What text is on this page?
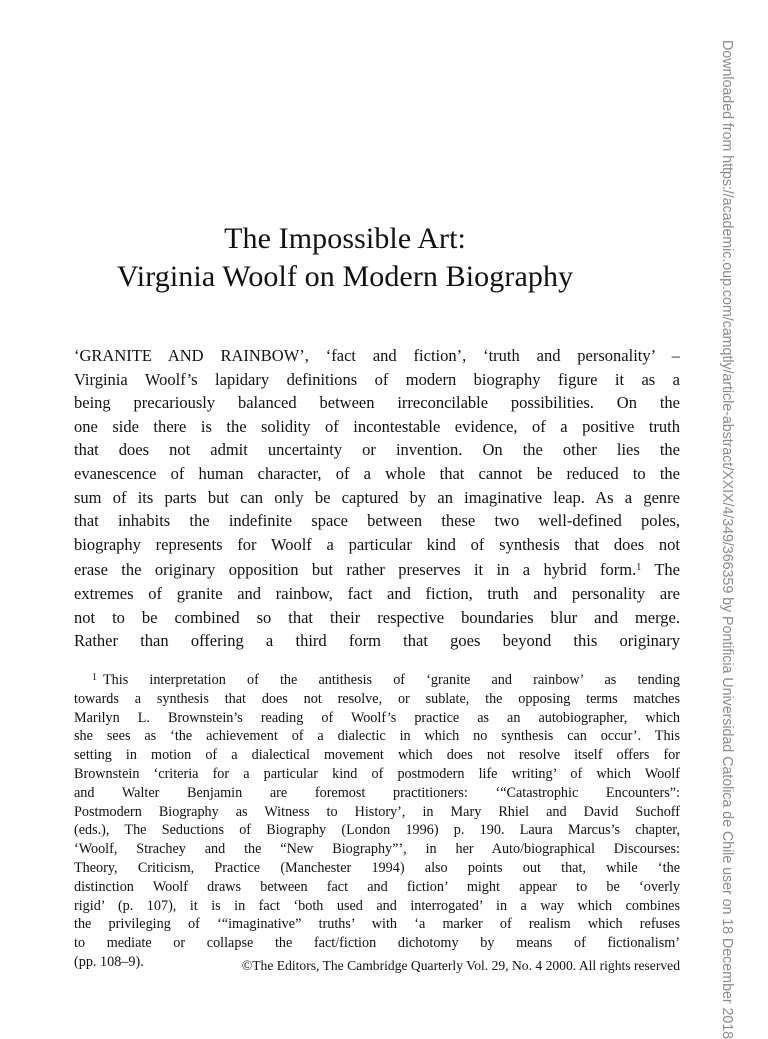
The Impossible Art:
Virginia Woolf on Modern Biography
‘GRANITE AND RAINBOW’, ‘fact and fiction’, ‘truth and personality’ –
Virginia Woolf’s lapidary definitions of modern biography figure it as a
being precariously balanced between irreconcilable possibilities. On the
one side there is the solidity of incontestable evidence, of a positive truth
that does not admit uncertainty or invention. On the other lies the
evanescence of human character, of a whole that cannot be reduced to the
sum of its parts but can only be captured by an imaginative leap. As a genre
that inhabits the indefinite space between these two well-defined poles,
biography represents for Woolf a particular kind of synthesis that does not
erase the originary opposition but rather preserves it in a hybrid form.$^1$ The
extremes of granite and rainbow, fact and fiction, truth and personality are
not to be combined so that their respective boundaries blur and merge.
Rather than offering a third form that goes beyond this originary
$^1$ This interpretation of the antithesis of ‘granite and rainbow’ as tending
towards a synthesis that does not resolve, or sublate, the opposing terms matches
Marilyn L. Brownstein’s reading of Woolf’s practice as an autobiographer, which
she sees as ‘the achievement of a dialectic in which no synthesis can occur’. This
setting in motion of a dialectical movement which does not resolve itself offers for
Brownstein ‘criteria for a particular kind of postmodern life writing’ of which Woolf
and Walter Benjamin are foremost practitioners: ‘“Catastrophic Encounters”:
Postmodern Biography as Witness to History’, in Mary Rhiel and David Suchoff
(eds.), The Seductions of Biography (London 1996) p. 190. Laura Marcus’s chapter,
‘Woolf, Strachey and the “New Biography”’, in her Auto/biographical Discourses:
Theory, Criticism, Practice (Manchester 1994) also points out that, while ‘the
distinction Woolf draws between fact and fiction’ might appear to be ‘overly
rigid’ (p. 107), it is in fact ‘both used and interrogated’ in a way which combines
the privileging of ‘“imaginative” truths’ with ‘a marker of realism which refuses
to mediate or collapse the fact/fiction dichotomy by means of fictionalism’
(pp. 108–9).	©The Editors, The Cambridge Quarterly Vol. 29, No. 4 2000. All rights reserved	Downloaded from https://academic.oup.com/camqtly/article-abstract/XXIX/4/349/366359 by Pontificia Universidad Catolica de Chile user on 18 December 2018
